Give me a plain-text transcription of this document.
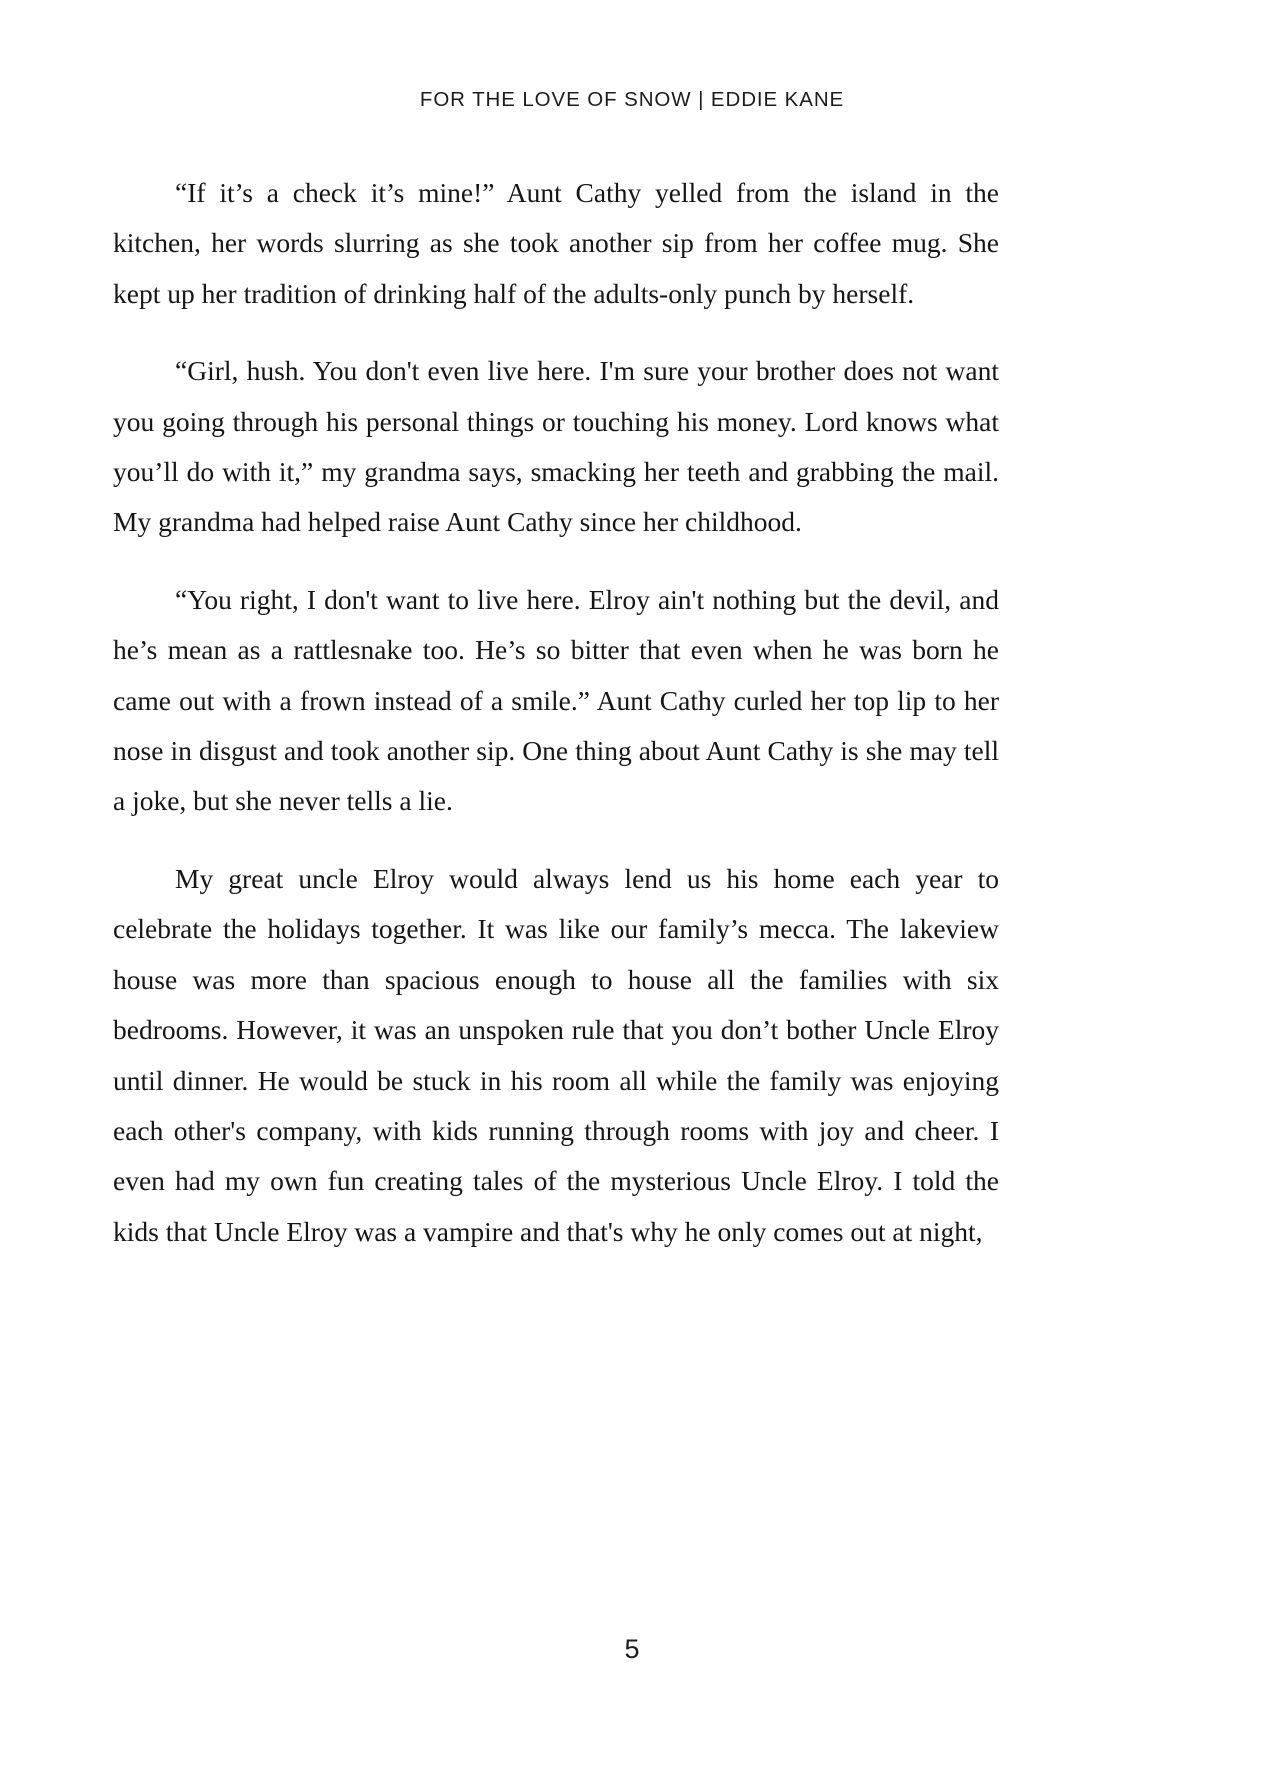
FOR THE LOVE OF SNOW | EDDIE KANE

“If it’s a check it’s mine!” Aunt Cathy yelled from the island in the kitchen, her words slurring as she took another sip from her coffee mug. She kept up her tradition of drinking half of the adults-only punch by herself.

“Girl, hush. You don't even live here. I'm sure your brother does not want you going through his personal things or touching his money. Lord knows what you’ll do with it,” my grandma says, smacking her teeth and grabbing the mail. My grandma had helped raise Aunt Cathy since her childhood.

“You right, I don't want to live here. Elroy ain't nothing but the devil, and he’s mean as a rattlesnake too. He’s so bitter that even when he was born he came out with a frown instead of a smile.” Aunt Cathy curled her top lip to her nose in disgust and took another sip. One thing about Aunt Cathy is she may tell a joke, but she never tells a lie.

My great uncle Elroy would always lend us his home each year to celebrate the holidays together. It was like our family’s mecca. The lakeview house was more than spacious enough to house all the families with six bedrooms. However, it was an unspoken rule that you don’t bother Uncle Elroy until dinner. He would be stuck in his room all while the family was enjoying each other's company, with kids running through rooms with joy and cheer. I even had my own fun creating tales of the mysterious Uncle Elroy. I told the kids that Uncle Elroy was a vampire and that's why he only comes out at night,

5
